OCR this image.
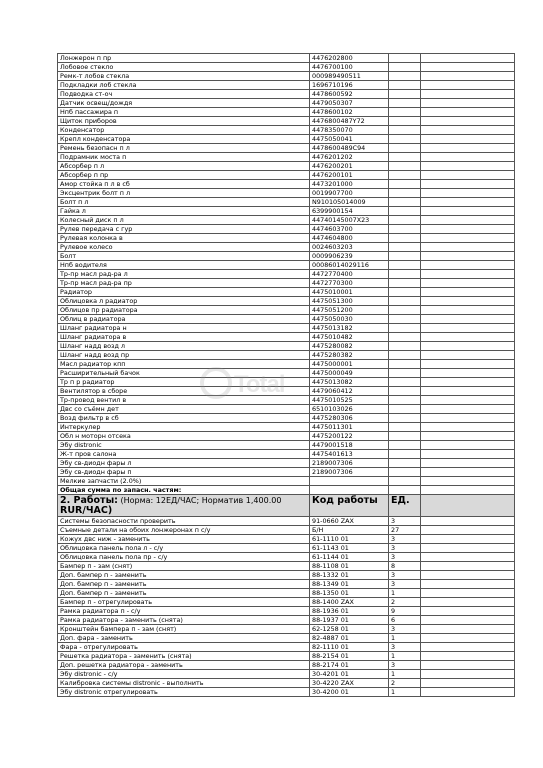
Лонжерон п пр	4476202800		
Лобовое стекло	4476700100		
Ремк-т лобов стекла	000989490511		
Подкладки лоб стекла	1696710196		
Подводка ст-оч	4478600592		
Датчик освещ/дождя	4479050307		
Нпб пассажира п	4478600102		
Щиток приборов	4476800487Y72		
Конденсатор	4478350070		
Крепл конденсатора	4475050041		
Ремень безопасн п л	447860048​9C94		
Подрамник моста п	4476201202		
Абсорбер п л	4476200201		
Абсорбер п пр	4476200101		
Амор стойка п л в сб	4473201000		
Эксцентрик болт п л	0019907700		
Болт п л	N910105014009		
Гайка л	6399900154		
Колесный диск п л	44740145007X23		
Рулев передача с гур	4474603700		
Рулевая колонка в	4474604800		
Рулевое колесо	0024603203		
Болт	0009906239		
Нпб водителя	00086014029116		
Тр-пр масл рад-ра л	4472770400		
Тр-пр масл рад-ра пр	4472770300		
Радиатор	4475010001		
Облицовка л радиатор	4475051300		
Облицов пр радиатора	4475051200		
Облиц в радиатора	4475050030		
Шланг радиатора н	4475013182		
Шланг радиатора в	4475010482		
Шланг надд возд л	4475280082		
Шланг надд возд пр	4475280382		
Масл радиатор кпп	4475000001		
Расширительный бачок	4475000049		
Тр п р радиатор	4475013082		
Вентилятор в сборе	4479060412		
Тр-провод вентил в	4475010525		
Двс со съёмн дет	6510103026		
Возд фильтр в сб	4475280306		
Интеркулер	4475011301		
Обл н моторн отсека	4475200122		
Эбу distronic	4479001518		
Ж-т пров салона	4475401613		
Эбу св-диодн фары л	2189007306		
Эбу св-диодн фары п	2189007306		
Мелкие запчасти (2.0%)			
Общая сумма по запасн. частям:			
2. Работы: (Норма: 12ЕД/ЧАС; Норматив 1,400.00
RUR/ЧАС)	Код работы	ЕД.	
Системы безопасности проверить	91-0660 ZAX	3	
Съемные детали на обоих лонжеронах п с/у	Б/Н	27	
Кожух двс ниж - заменить	61-1110 01	3	
Облицовка панель пола л - с/у	61-1143 01	3	
Облицовка панель пола пр - с/у	61-1144 01	3	
Бампер п - зам (снят)	88-1108 01	8	
Доп. бампер п - заменить	88-1332 01	3	
Доп. бампер п - заменить	88-1349 01	3	
Доп. бампер п - заменить	88-1350 01	1	
Бампер п - отрегулировать	88-1400 ZAX	2	
Рамка радиатора п - с/у	88-1936 01	9	
Рамка радиатора - заменить (снята)	88-1937 01	6	
Кронштейн бампера п - зам (снят)	62-1258 01	3	
Доп. фара - заменить	82-4887 01	1	
Фара - отрегулировать	82-1110 01	3	
Решетка радиатора - заменить (снята)	88-2154 01	1	
Доп. решетка радиатора - заменить	88-2174 01	3	
Эбу distronic - с/у	30-4201 01	1	
Калибровка системы distronic - выполнить	30-4220 ZAX	2	
Эбу distronic отрегулировать	30-4200 01	1	
Total
